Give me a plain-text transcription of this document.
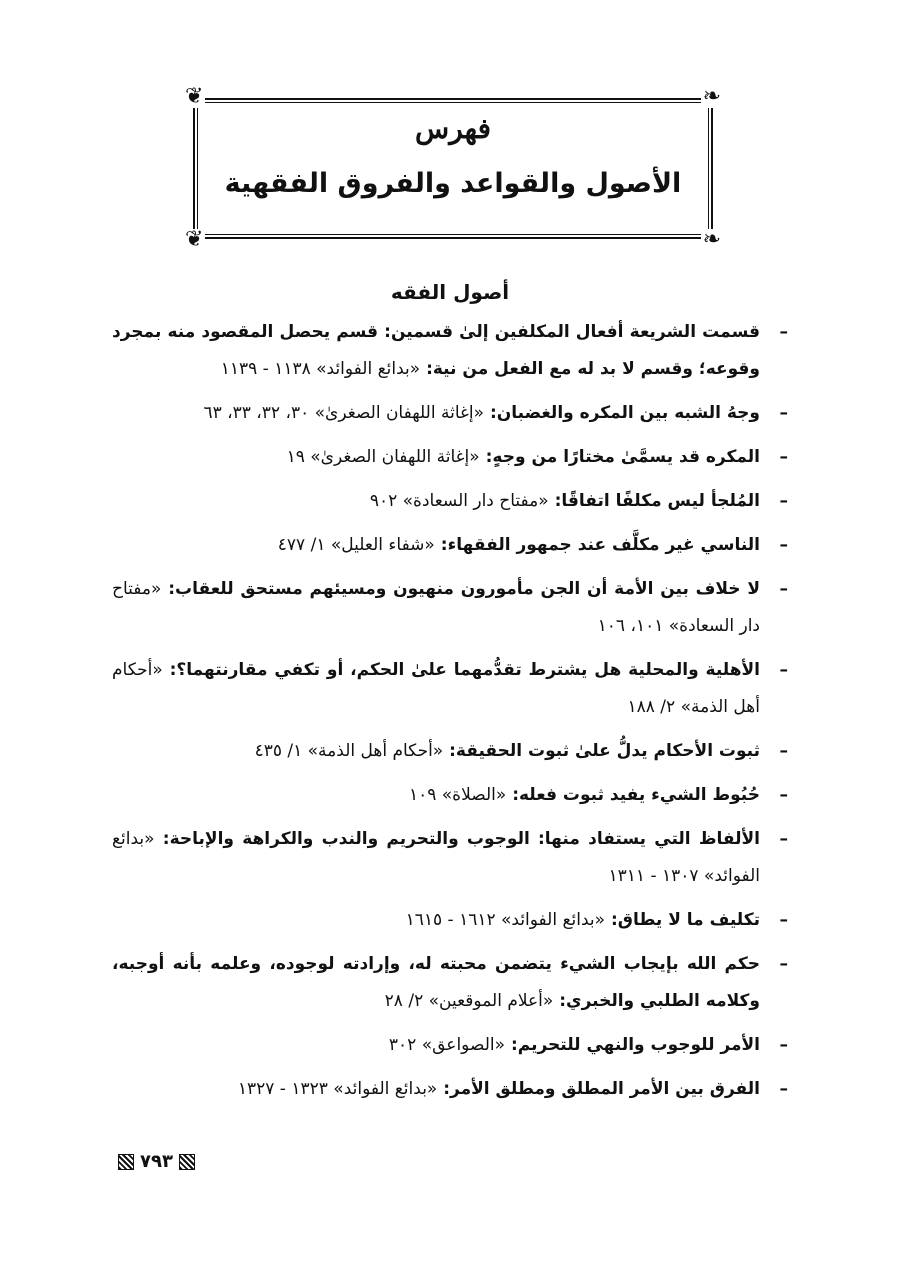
❦	❧
❦	❧
فهرس
الأصول والقواعد والفروق الفقهية
أصول الفقه
–
قسمت الشريعة أفعال المكلفين إلىٰ قسمين: قسم يحصل المقصود منه بمجرد وقوعه؛ وقسم لا بد له مع الفعل من نية: «بدائع الفوائد» ١١٣٨ - ١١٣٩
–
وجهُ الشبه بين المكره والغضبان: «إغاثة اللهفان الصغرىٰ» ٣٠، ٣٢، ٣٣، ٦٣
–
المكره قد يسمَّىٰ مختارًا من وجهٍ: «إغاثة اللهفان الصغرىٰ» ١٩
–
المُلجأ ليس مكلفًا اتفاقًا: «مفتاح دار السعادة» ٩٠٢
–
الناسي غير مكلَّف عند جمهور الفقهاء: «شفاء العليل» ١/ ٤٧٧
–
لا خلاف بين الأمة أن الجن مأمورون منهيون ومسيئهم مستحق للعقاب: «مفتاح دار السعادة» ١٠١، ١٠٦
–
الأهلية والمحلية هل يشترط تقدُّمهما علىٰ الحكم، أو تكفي مقارنتهما؟: «أحكام أهل الذمة» ٢/ ١٨٨
–
ثبوت الأحكام يدلُّ علىٰ ثبوت الحقيقة: «أحكام أهل الذمة» ١/ ٤٣٥
–
حُبُوط الشيء يفيد ثبوت فعله: «الصلاة» ١٠٩
–
الألفاظ التي يستفاد منها: الوجوب والتحريم والندب والكراهة والإباحة: «بدائع الفوائد» ١٣٠٧ - ١٣١١
–
تكليف ما لا يطاق: «بدائع الفوائد» ١٦١٢ - ١٦١٥
–
حكم الله بإيجاب الشيء يتضمن محبته له، وإرادته لوجوده، وعلمه بأنه أوجبه، وكلامه الطلبي والخبري: «أعلام الموقعين» ٢/ ٢٨
–
الأمر للوجوب والنهي للتحريم: «الصواعق» ٣٠٢
–
الفرق بين الأمر المطلق ومطلق الأمر: «بدائع الفوائد» ١٣٢٣ - ١٣٢٧
٧٩٣
